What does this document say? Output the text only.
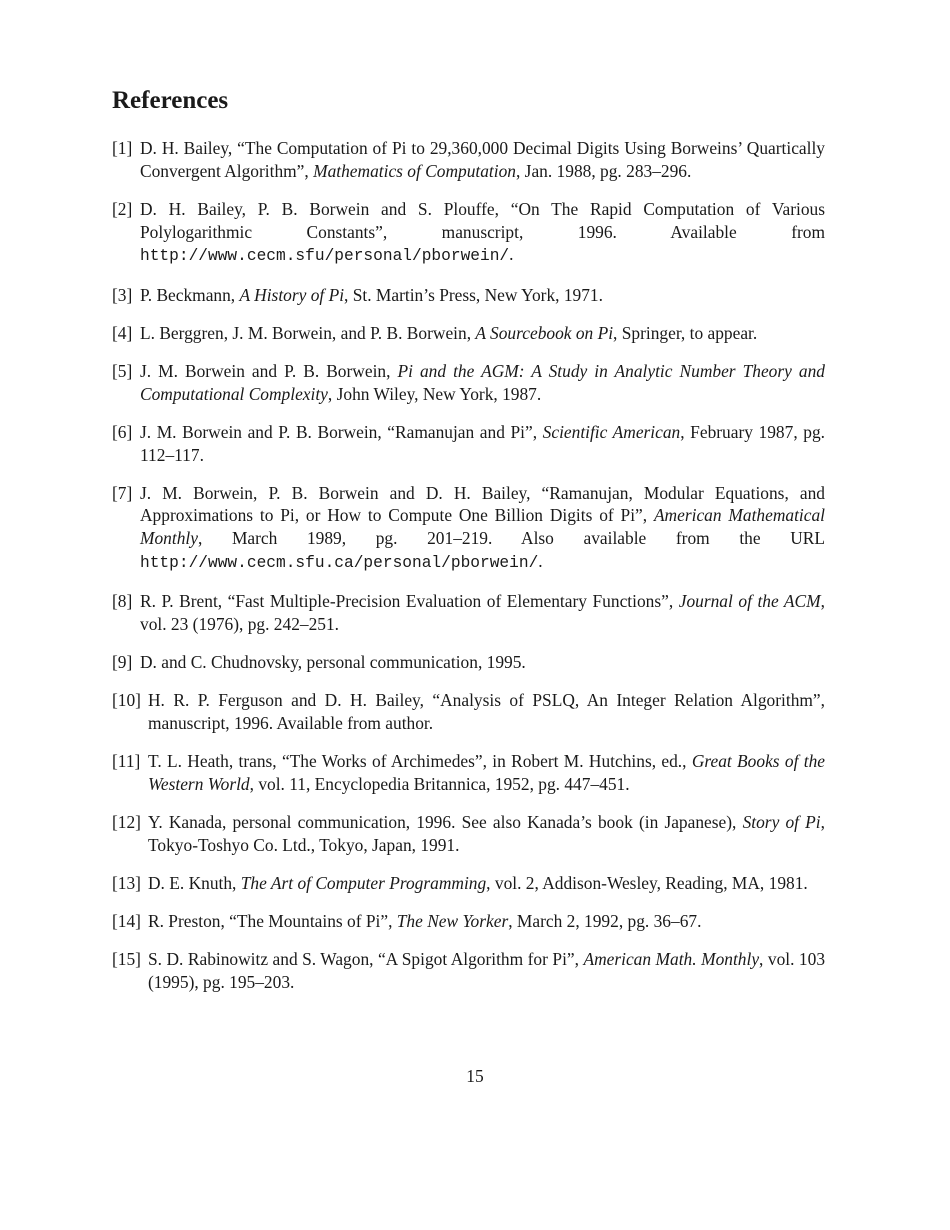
References
[1] D. H. Bailey, “The Computation of Pi to 29,360,000 Decimal Digits Using Borweins’ Quartically Convergent Algorithm”, Mathematics of Computation, Jan. 1988, pg. 283–296.
[2] D. H. Bailey, P. B. Borwein and S. Plouffe, “On The Rapid Computation of Various Polylogarithmic Constants”, manuscript, 1996. Available from http://www.cecm.sfu/personal/pborwein/.
[3] P. Beckmann, A History of Pi, St. Martin’s Press, New York, 1971.
[4] L. Berggren, J. M. Borwein, and P. B. Borwein, A Sourcebook on Pi, Springer, to appear.
[5] J. M. Borwein and P. B. Borwein, Pi and the AGM: A Study in Analytic Number Theory and Computational Complexity, John Wiley, New York, 1987.
[6] J. M. Borwein and P. B. Borwein, “Ramanujan and Pi”, Scientific American, February 1987, pg. 112–117.
[7] J. M. Borwein, P. B. Borwein and D. H. Bailey, “Ramanujan, Modular Equations, and Approximations to Pi, or How to Compute One Billion Digits of Pi”, American Mathematical Monthly, March 1989, pg. 201–219. Also available from the URL http://www.cecm.sfu.ca/personal/pborwein/.
[8] R. P. Brent, “Fast Multiple-Precision Evaluation of Elementary Functions”, Journal of the ACM, vol. 23 (1976), pg. 242–251.
[9] D. and C. Chudnovsky, personal communication, 1995.
[10] H. R. P. Ferguson and D. H. Bailey, “Analysis of PSLQ, An Integer Relation Algorithm”, manuscript, 1996. Available from author.
[11] T. L. Heath, trans, “The Works of Archimedes”, in Robert M. Hutchins, ed., Great Books of the Western World, vol. 11, Encyclopedia Britannica, 1952, pg. 447–451.
[12] Y. Kanada, personal communication, 1996. See also Kanada’s book (in Japanese), Story of Pi, Tokyo-Toshyo Co. Ltd., Tokyo, Japan, 1991.
[13] D. E. Knuth, The Art of Computer Programming, vol. 2, Addison-Wesley, Reading, MA, 1981.
[14] R. Preston, “The Mountains of Pi”, The New Yorker, March 2, 1992, pg. 36–67.
[15] S. D. Rabinowitz and S. Wagon, “A Spigot Algorithm for Pi”, American Math. Monthly, vol. 103 (1995), pg. 195–203.
15
